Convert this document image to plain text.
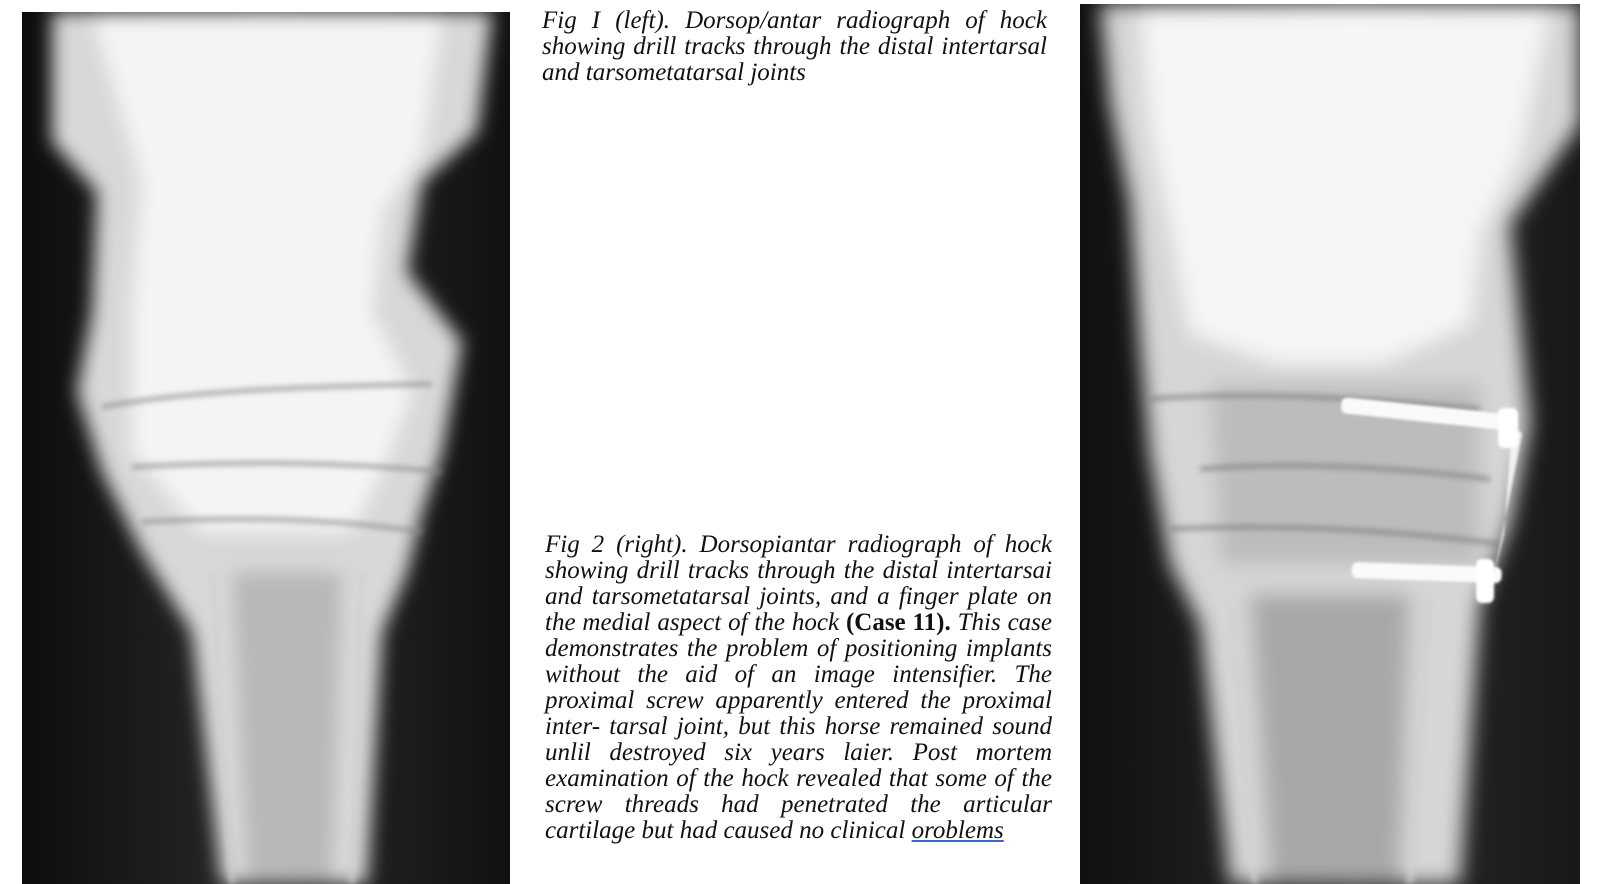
Fig I (left). Dorsop/antar radiograph of hock showing drill tracks through the distal intertarsal and tarsometatarsal joints

Fig 2 (right). Dorsopiantar radiograph of hock showing drill tracks through the distal intertarsai and tarsometatarsal joints, and a finger plate on the medial aspect of the hock (Case 11). This case demonstrates the problem of positioning implants without the aid of an image intensifier. The proximal screw apparently entered the proximal inter- tarsal joint, but this horse remained sound unlil destroyed six years laier. Post mortem examination of the hock revealed that some of the screw threads had penetrated the articular cartilage but had caused no clinical oroblems
